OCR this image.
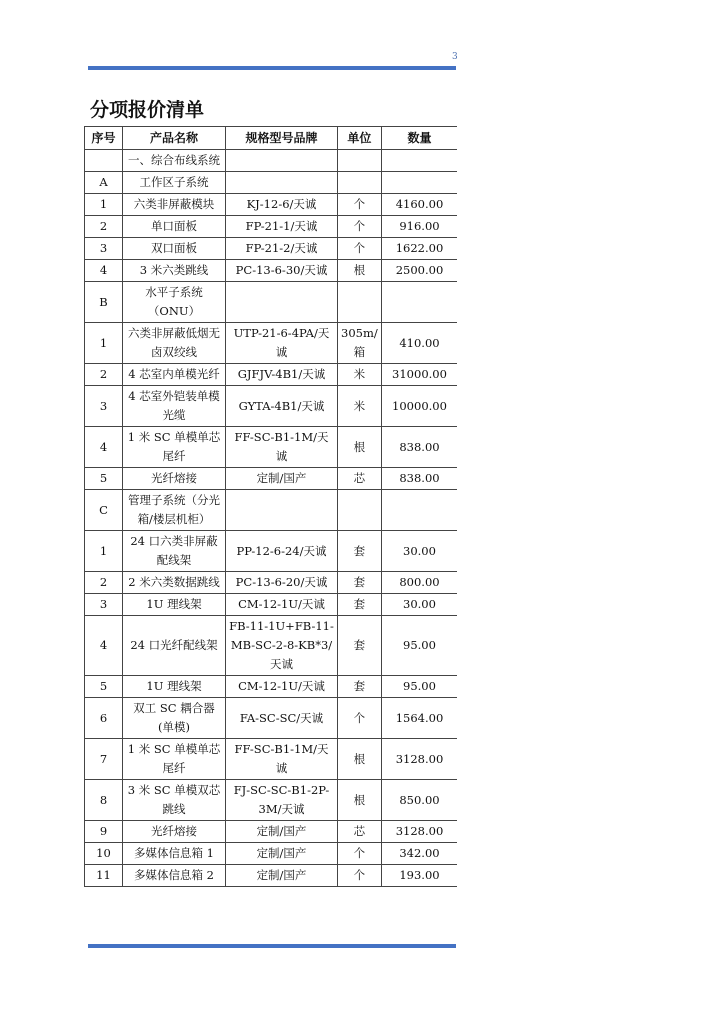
3
分项报价清单
序号	产品名称	规格型号品牌	单位	数量
	一、综合布线系统			
A	工作区子系统			
1	六类非屏蔽模块	KJ-12-6/天诚	个	4160.00
2	单口面板	FP-21-1/天诚	个	916.00
3	双口面板	FP-21-2/天诚	个	1622.00
4	3 米六类跳线	PC-13-6-30/天诚	根	2500.00
B	水平子系统（ONU）			
1	六类非屏蔽低烟无卤双绞线	UTP-21-6-4PA/天诚	305m/箱	410.00
2	4 芯室内单模光纤	GJFJV-4B1/天诚	米	31000.00
3	4 芯室外铠装单模光缆	GYTA-4B1/天诚	米	10000.00
4	1 米 SC 单模单芯尾纤	FF-SC-B1-1M/天诚	根	838.00
5	光纤熔接	定制/国产	芯	838.00
C	管理子系统（分光箱/楼层机柜）			
1	24 口六类非屏蔽配线架	PP-12-6-24/天诚	套	30.00
2	2 米六类数据跳线	PC-13-6-20/天诚	套	800.00
3	1U 理线架	CM-12-1U/天诚	套	30.00
4	24 口光纤配线架	FB-11-1U+FB-11-MB-SC-2-8-KB*3/天诚	套	95.00
5	1U 理线架	CM-12-1U/天诚	套	95.00
6	双工 SC 耦合器(单模)	FA-SC-SC/天诚	个	1564.00
7	1 米 SC 单模单芯尾纤	FF-SC-B1-1M/天诚	根	3128.00
8	3 米 SC 单模双芯跳线	FJ-SC-SC-B1-2P-3M/天诚	根	850.00
9	光纤熔接	定制/国产	芯	3128.00
10	多媒体信息箱 1	定制/国产	个	342.00
11	多媒体信息箱 2	定制/国产	个	193.00
